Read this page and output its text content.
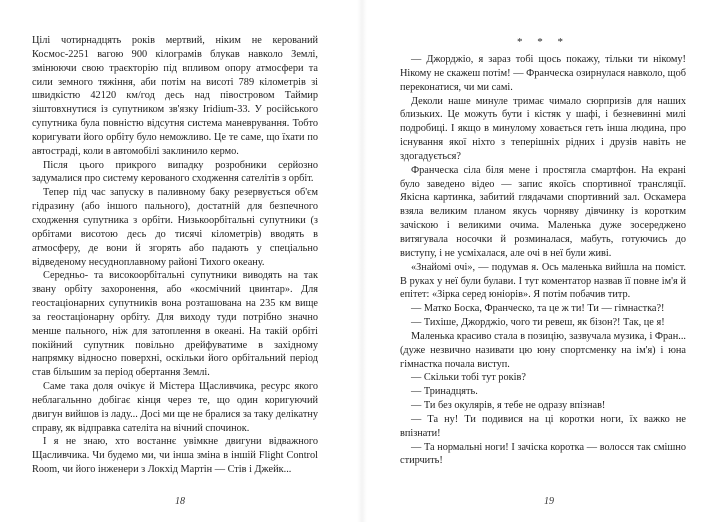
Цілі чотирнадцять років мертвий, ніким не керований Космос-2251 вагою 900 кілограмів блукав навколо Землі, змінюючи свою траєкторію під впливом опору атмосфери та сили земного тяжіння, аби потім на висоті 789 кілометрів зі швидкістю 42120 км/год десь над півостровом Таймир зіштовхнутися із супутником зв'язку Iridium-33. У російського супутника була повністю відсутня система маневрування. Тобто коригувати його орбіту було неможливо. Це те саме, що їхати по автостраді, коли в автомобілі заклинило кермо.

Після цього прикрого випадку розробники серйозно задумалися про систему керованого сходження сателітів з орбіт.

Тепер під час запуску в паливному баку резервується об'єм гідразину (або іншого пального), достатній для безпечного сходження супутника з орбіти. Низькоорбітальні супутники (з орбітами висотою десь до тисячі кілометрів) вводять в атмосферу, де вони й згорять або падають у спеціально відведеному несудноплавному районі Тихого океану.

Середньо- та високоорбітальні супутники виводять на так звану орбіту захоронення, або «космічний цвинтар». Для геостаціонарних супутників вона розташована на 235 км вище за геостаціонарну орбіту. Для виходу туди потрібно значно менше пального, ніж для затоплення в океані. На такій орбіті покійний супутник повільно дрейфуватиме в західному напрямку відносно поверхні, оскільки його орбітальний період став більшим за період обертання Землі.

Саме така доля очікує й Містера Щасливчика, ресурс якого неблагальнно добігає кінця через те, що один коригуючий двигун вийшов із ладу... Досі ми ще не бралися за таку делікатну справу, як відправка сателіта на вічний спочинок.

І я не знаю, хто востаннє увімкне двигуни відважного Щасливчика. Чи будемо ми, чи інша зміна в іншій Flight Control Room, чи його інженери з Локхід Мартін — Стів і Джейк...

18
* * *

— Джорджіо, я зараз тобі щось покажу, тільки ти нікому! Нікому не скажеш потім! — Франческа озирнулася навколо, щоб переконатися, чи ми самі.

Деколи наше минуле тримає чимало сюрпризів для наших близьких. Це можуть бути і кістяк у шафі, і безневинні милі подробиці. І якщо в минулому ховається геть інша людина, про існування якої ніхто з теперішніх рідних і друзів навіть не здогадується?

Франческа сіла біля мене і простягла смартфон. На екрані було заведено відео — запис якоїсь спортивної трансляції. Якісна картинка, забитий глядачами спортивний зал. Оскамера взяла великим планом якусь чорняву дівчинку із коротким зачіскою і великими очима. Маленька дуже зосереджено витягувала носочки й розминалася, мабуть, готуючись до виступу, і не усміхалася, але очі в неї були живі.

«Знайомі очі», — подумав я. Ось маленька вийшла на поміст. В руках у неї були булави. І тут коментатор назвав її повне ім'я й епітет: «Зірка серед юніорів». Я потім побачив титр.

— Матко Боска, Франческо, та це ж ти! Ти — гімнастка?!

— Тихіше, Джорджіо, чого ти ревеш, як бізон?! Так, це я!

Маленька красиво стала в позицію, зазвучала музика, і Фран... (дуже незвично називати цю юну спортсменку на ім'я) і юна гімнастка почала виступ.

— Скільки тобі тут років?

— Тринадцять.

— Ти без окулярів, я тебе не одразу впізнав!

— Та ну! Ти подивися на ці коротки ноги, їх важко не впізнати!

— Та нормальні ноги! І зачіска коротка — волосся так смішно стирчить!

19
